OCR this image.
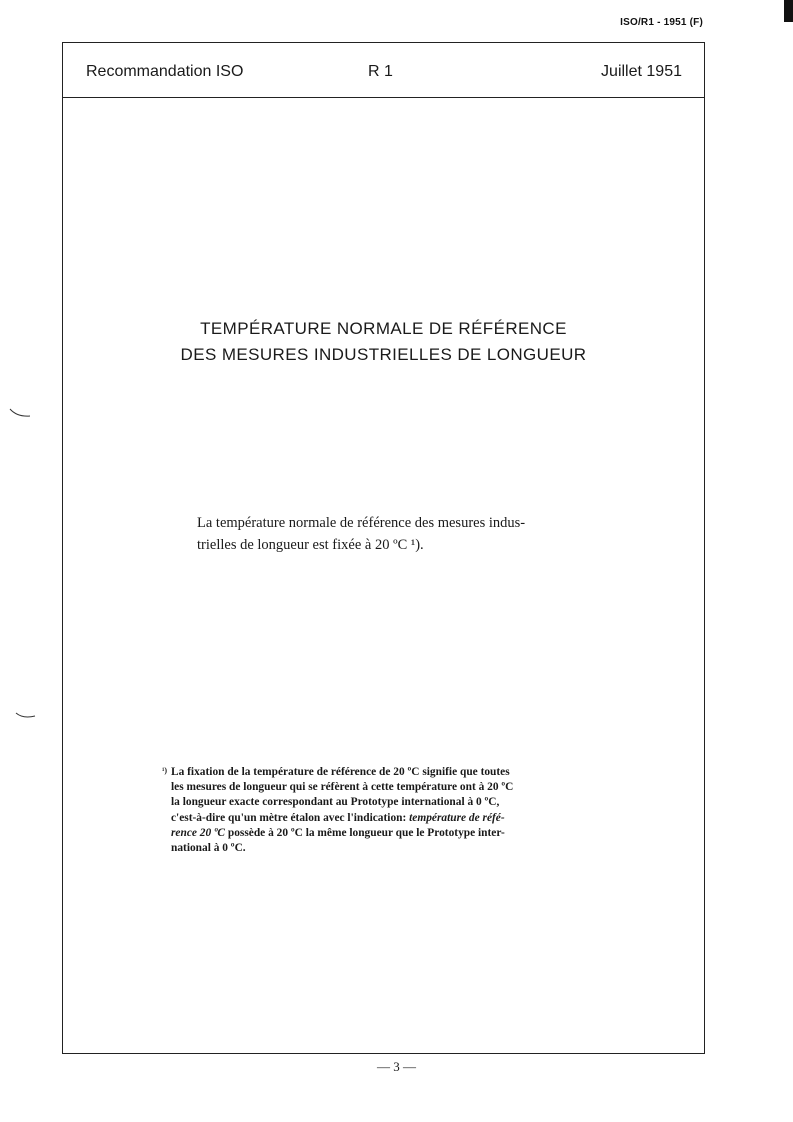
ISO/R1 - 1951 (F)
Recommandation ISO	R 1	Juillet 1951
TEMPÉRATURE NORMALE DE RÉFÉRENCE
DES MESURES INDUSTRIELLES DE LONGUEUR
La température normale de référence des mesures indus-
trielles de longueur est fixée à 20 ºC ¹).
¹) La fixation de la température de référence de 20 ºC signifie que toutes
les mesures de longueur qui se réfèrent à cette température ont à 20 ºC
la longueur exacte correspondant au Prototype international à 0 ºC,
c'est-à-dire qu'un mètre étalon avec l'indication: température de réfé-
rence 20 ºC possède à 20 ºC la même longueur que le Prototype inter-
national à 0 ºC.
— 3 —
